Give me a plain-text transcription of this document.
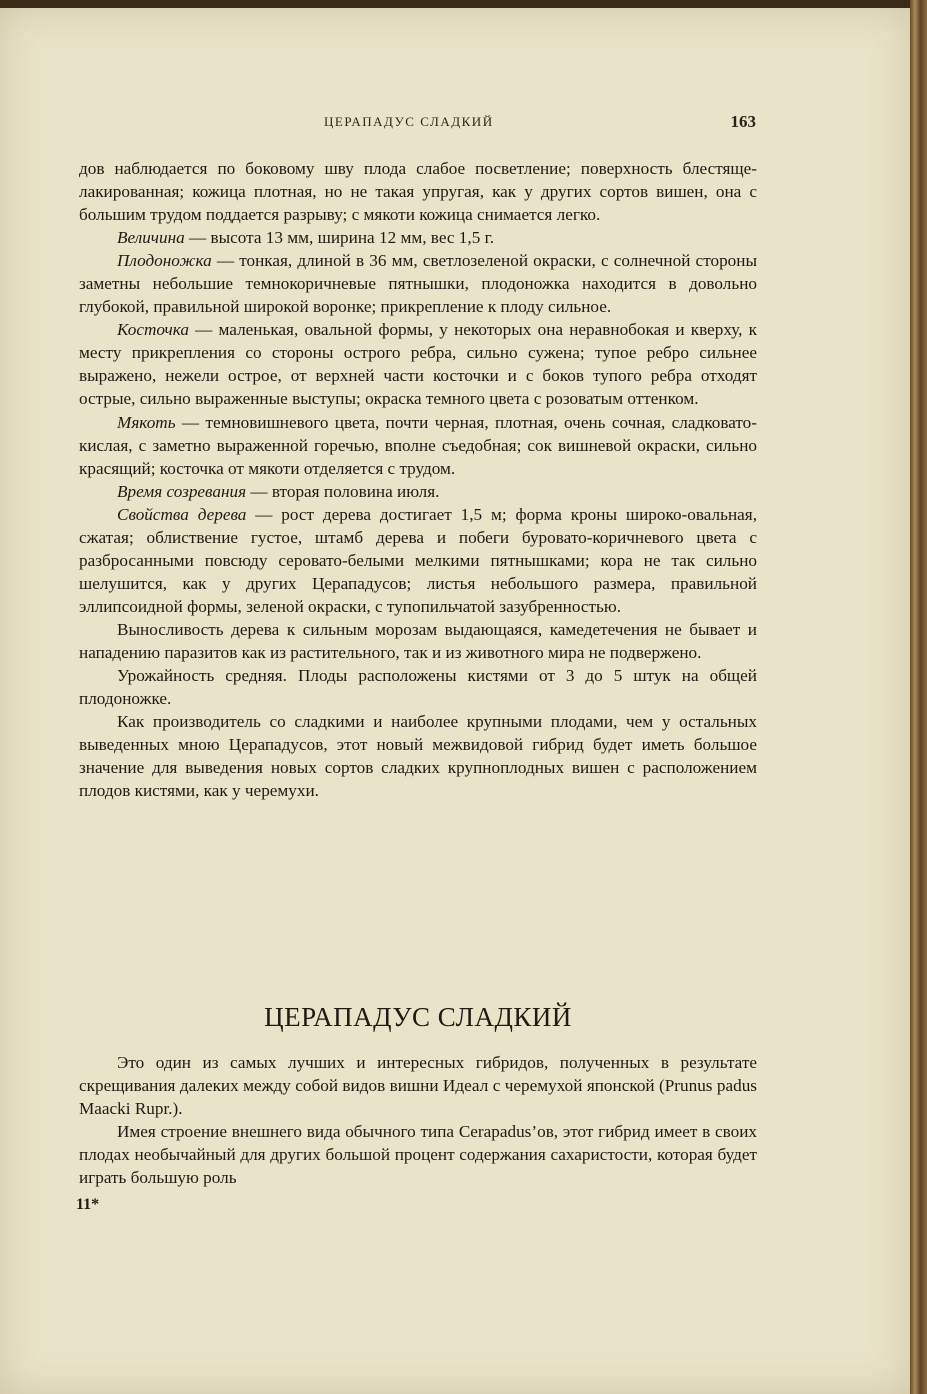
ЦЕРАПАДУС СЛАДКИЙ	163

дов наблюдается по боковому шву плода слабое посветление; поверхность блестяще-лакированная; кожица плотная, но не такая упругая, как у других сортов вишен, она с большим трудом поддается разрыву; с мякоти кожица снимается легко.

Величина — высота 13 мм, ширина 12 мм, вес 1,5 г.

Плодоножка — тонкая, длиной в 36 мм, светлозеленой окраски, с солнечной стороны заметны небольшие темнокоричневые пятнышки, плодоножка находится в довольно глубокой, правильной широкой воронке; прикрепление к плоду сильное.

Косточка — маленькая, овальной формы, у некоторых она неравнобокая и кверху, к месту прикрепления со стороны острого ребра, сильно сужена; тупое ребро сильнее выражено, нежели острое, от верхней части косточки и с боков тупого ребра отходят острые, сильно выраженные выступы; окраска темного цвета с розоватым оттенком.

Мякоть — темновишневого цвета, почти черная, плотная, очень сочная, сладковато-кислая, с заметно выраженной горечью, вполне съедобная; сок вишневой окраски, сильно красящий; косточка от мякоти отделяется с трудом.

Время созревания — вторая половина июля.

Свойства дерева — рост дерева достигает 1,5 м; форма кроны широко-овальная, сжатая; облиствение густое, штамб дерева и побеги буровато-коричневого цвета с разбросанными повсюду серовато-белыми мелкими пятнышками; кора не так сильно шелушится, как у других Церападусов; листья небольшого размера, правильной эллипсоидной формы, зеленой окраски, с тупопильчатой зазубренностью.

Выносливость дерева к сильным морозам выдающаяся, камедетечения не бывает и нападению паразитов как из растительного, так и из животного мира не подвержено.

Урожайность средняя. Плоды расположены кистями от 3 до 5 штук на общей плодоножке.

Как производитель со сладкими и наиболее крупными плодами, чем у остальных выведенных мною Церападусов, этот новый межвидовой гибрид будет иметь большое значение для выведения новых сортов сладких крупноплодных вишен с расположением плодов кистями, как у черемухи.

ЦЕРАПАДУС СЛАДКИЙ

Это один из самых лучших и интересных гибридов, полученных в результате скрещивания далеких между собой видов вишни Идеал с черемухой японской (Prunus padus Maacki Rupr.).

Имея строение внешнего вида обычного типа Cerapadus’ов, этот гибрид имеет в своих плодах необычайный для других большой процент содержания сахаристости, которая будет играть большую роль

11*
